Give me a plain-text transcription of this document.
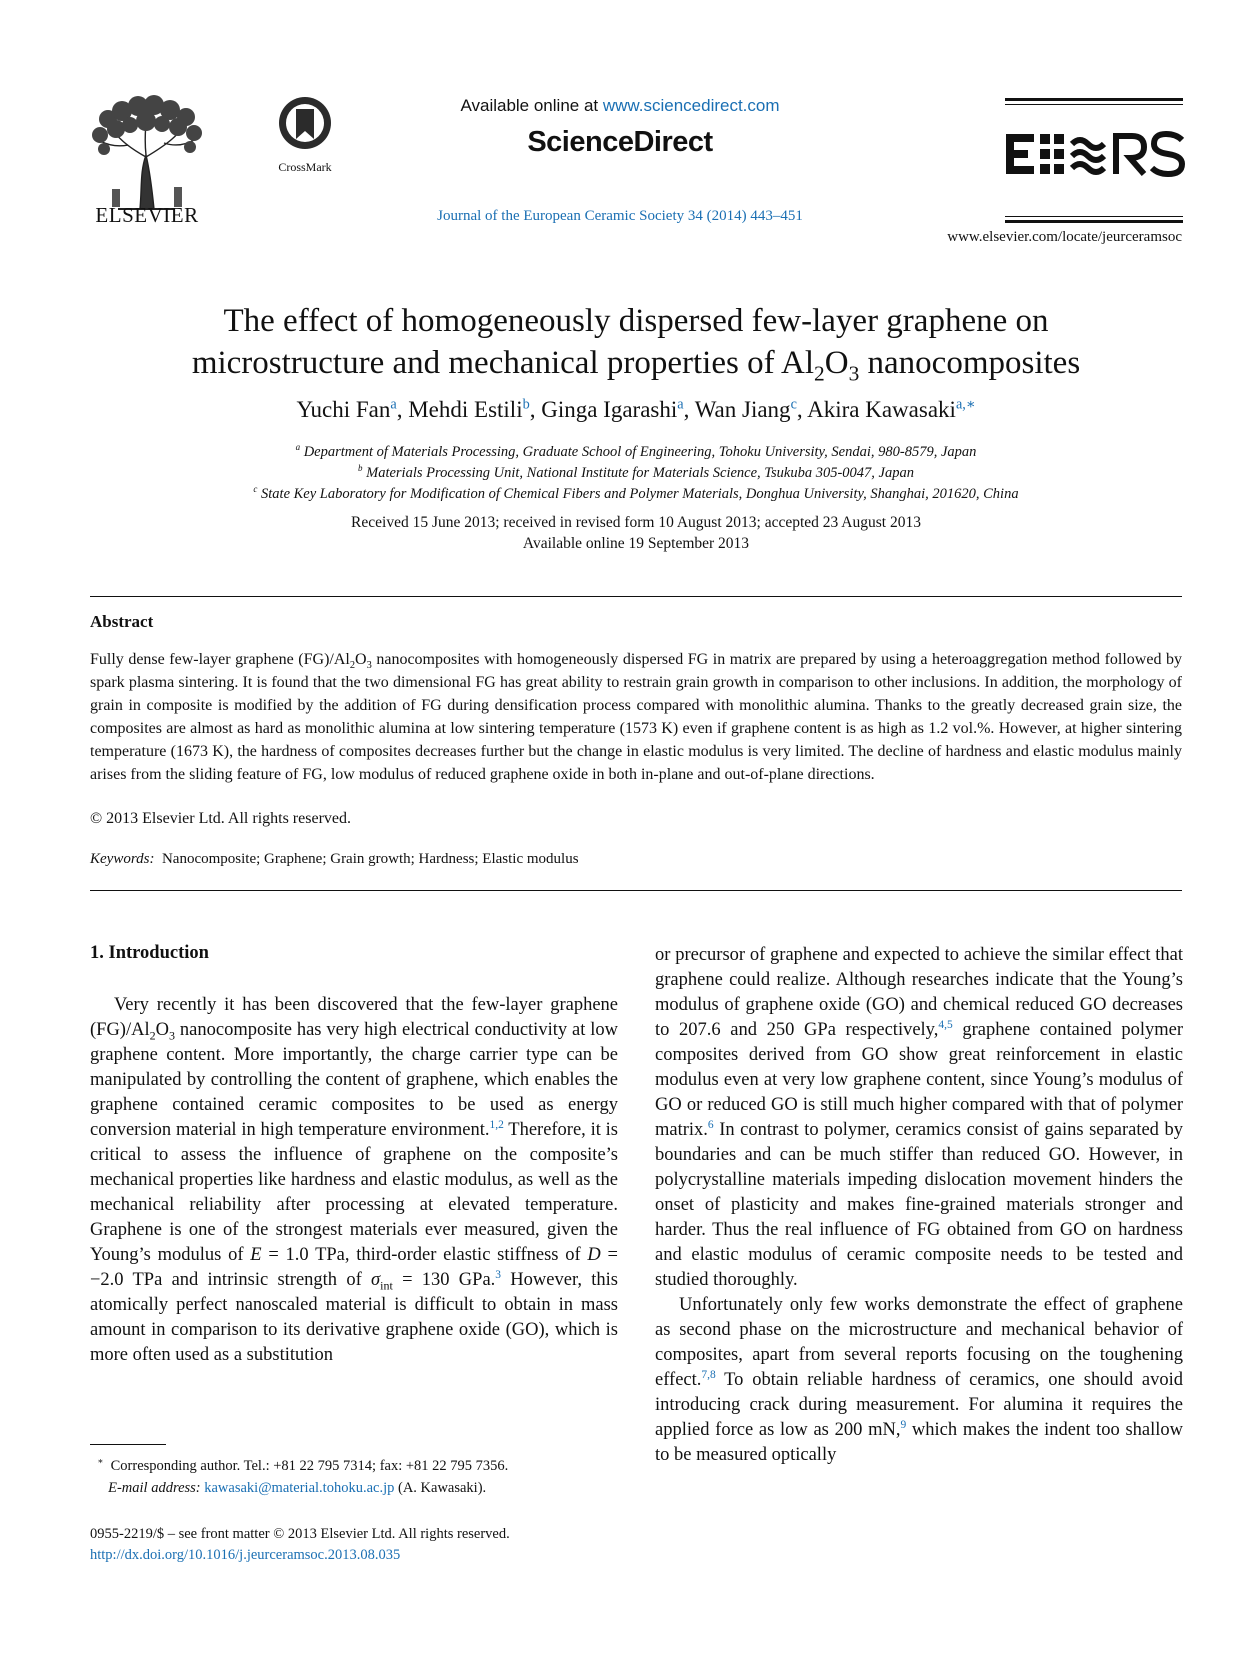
ELSEVIER
CrossMark
Available online at www.sciencedirect.com
ScienceDirect
Journal of the European Ceramic Society 34 (2014) 443–451
www.elsevier.com/locate/jeurceramsoc
The effect of homogeneously dispersed few-layer graphene on
microstructure and mechanical properties of $Al_2O_3$ nanocomposites
Yuchi Fan$^a$, Mehdi Estili$^b$, Ginga Igarashi$^a$, Wan Jiang$^c$, Akira Kawasaki$^{a,∗}$
$^a$ Department of Materials Processing, Graduate School of Engineering, Tohoku University, Sendai, 980-8579, Japan
$^b$ Materials Processing Unit, National Institute for Materials Science, Tsukuba 305-0047, Japan
$^c$ State Key Laboratory for Modification of Chemical Fibers and Polymer Materials, Donghua University, Shanghai, 201620, China
Received 15 June 2013; received in revised form 10 August 2013; accepted 23 August 2013
Available online 19 September 2013
Abstract
Fully dense few-layer graphene $(FG)/Al_2O_3$ nanocomposites with homogeneously dispersed FG in matrix are prepared by using a heteroaggregation method followed by spark plasma sintering. It is found that the two dimensional FG has great ability to restrain grain growth in comparison to other inclusions. In addition, the morphology of grain in composite is modified by the addition of FG during densification process compared with monolithic alumina. Thanks to the greatly decreased grain size, the composites are almost as hard as monolithic alumina at low sintering temperature (1573 K) even if graphene content is as high as 1.2 vol.%. However, at higher sintering temperature (1673 K), the hardness of composites decreases further but the change in elastic modulus is very limited. The decline of hardness and elastic modulus mainly arises from the sliding feature of FG, low modulus of reduced graphene oxide in both in-plane and out-of-plane directions.
© 2013 Elsevier Ltd. All rights reserved.
Keywords: Nanocomposite; Graphene; Grain growth; Hardness; Elastic modulus
1. Introduction

Very recently it has been discovered that the few-layer graphene $(FG)/Al_2O_3$ nanocomposite has very high electrical conductivity at low graphene content. More importantly, the charge carrier type can be manipulated by controlling the content of graphene, which enables the graphene contained ceramic composites to be used as energy conversion material in high temperature environment.$^{1,2}$ Therefore, it is critical to assess the influence of graphene on the composite’s mechanical properties like hardness and elastic modulus, as well as the mechanical reliability after processing at elevated temperature. Graphene is one of the strongest materials ever measured, given the Young’s modulus of E = 1.0 TPa, third-order elastic stiffness of D = −2.0 TPa and intrinsic strength of $\sigma_{int} = 130$ GPa.$^3$ However, this atomically perfect nanoscaled material is difficult to obtain in mass amount in comparison to its derivative graphene oxide (GO), which is more often used as a substitution

or precursor of graphene and expected to achieve the similar effect that graphene could realize. Although researches indicate that the Young’s modulus of graphene oxide (GO) and chemical reduced GO decreases to 207.6 and 250 GPa respectively,$^{4,5}$ graphene contained polymer composites derived from GO show great reinforcement in elastic modulus even at very low graphene content, since Young’s modulus of GO or reduced GO is still much higher compared with that of polymer matrix.$^6$ In contrast to polymer, ceramics consist of gains separated by boundaries and can be much stiffer than reduced GO. However, in polycrystalline materials impeding dislocation movement hinders the onset of plasticity and makes fine-grained materials stronger and harder. Thus the real influence of FG obtained from GO on hardness and elastic modulus of ceramic composite needs to be tested and studied thoroughly.

Unfortunately only few works demonstrate the effect of graphene as second phase on the microstructure and mechanical behavior of composites, apart from several reports focusing on the toughening effect.$^{7,8}$ To obtain reliable hardness of ceramics, one should avoid introducing crack during measurement. For alumina it requires the applied force as low as 200 mN,$^9$ which makes the indent too shallow to be measured optically

∗ Corresponding author. Tel.: +81 22 795 7314; fax: +81 22 795 7356.
E-mail address: kawasaki@material.tohoku.ac.jp (A. Kawasaki).
0955-2219/$ – see front matter © 2013 Elsevier Ltd. All rights reserved.
http://dx.doi.org/10.1016/j.jeurceramsoc.2013.08.035
